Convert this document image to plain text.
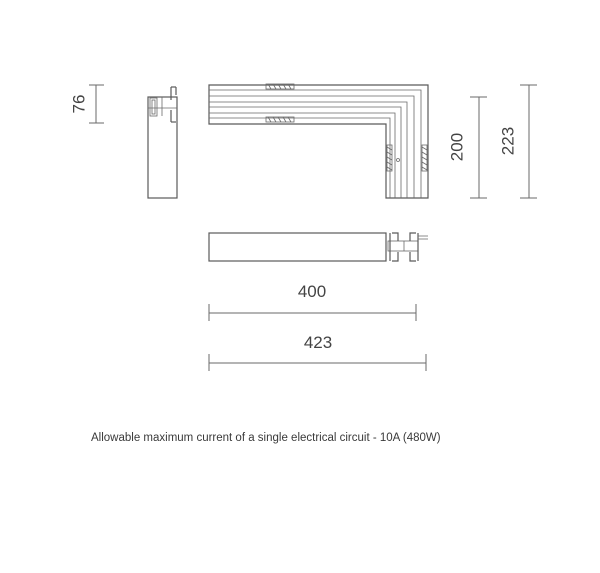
76
200 223
400
423
Allowable maximum current of a single electrical circuit - 10A (480W)
